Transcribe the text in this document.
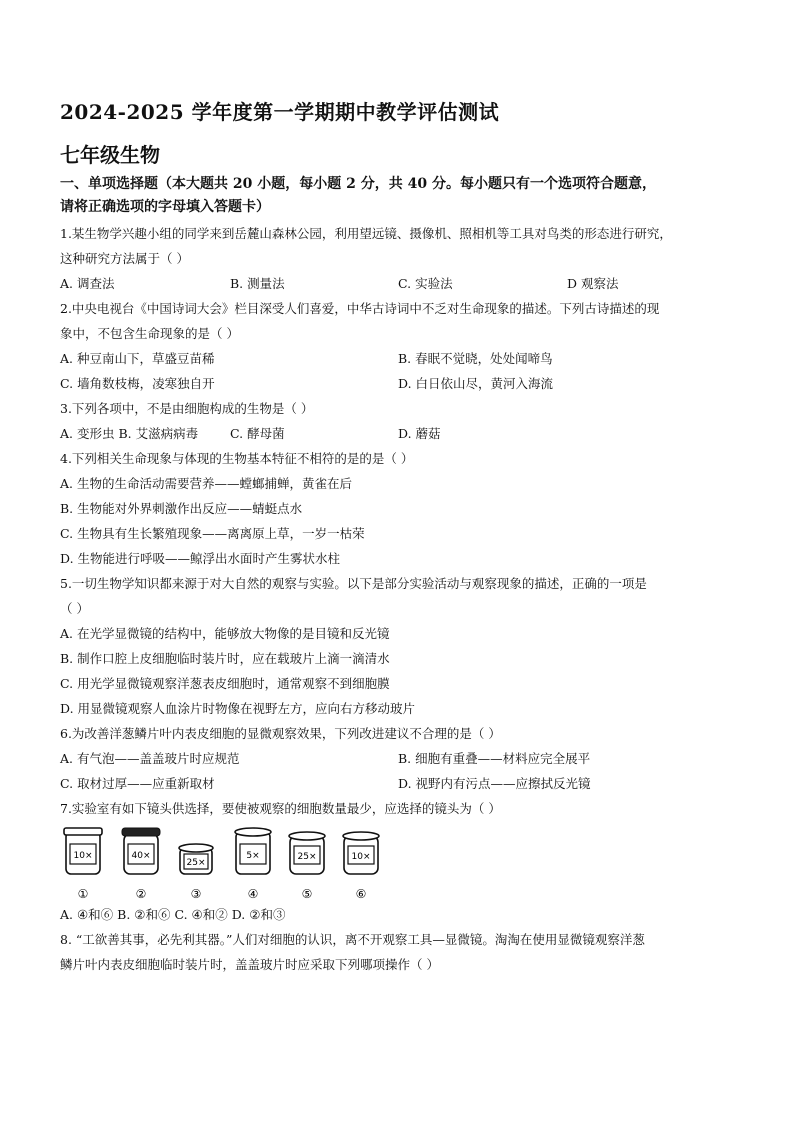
2024-2025 学年度第一学期期中教学评估测试
七年级生物
一、单项选择题（本大题共 20 小题，每小题 2 分，共 40 分。每小题只有一个选项符合题意，
请将正确选项的字母填入答题卡）
1.某生物学兴趣小组的同学来到岳麓山森林公园，利用望远镜、摄像机、照相机等工具对鸟类的形态进行研究，
这种研究方法属于（ ）
A. 调查法	B. 测量法	C. 实验法	D 观察法
2.中央电视台《中国诗词大会》栏目深受人们喜爱，中华古诗词中不乏对生命现象的描述。下列古诗描述的现
象中，不包含生命现象的是（ ）
A. 种豆南山下，草盛豆苗稀	B. 春眠不觉晓，处处闻啼鸟
C. 墙角数枝梅，凌寒独自开	D. 白日依山尽，黄河入海流
3.下列各项中，不是由细胞构成的生物是（ ）
A. 变形虫 B. 艾滋病病毒	C. 酵母菌	D. 蘑菇
4.下列相关生命现象与体现的生物基本特征不相符的是的是（ ）
A. 生物的生命活动需要营养——螳螂捕蝉，黄雀在后
B. 生物能对外界刺激作出反应——蜻蜓点水
C. 生物具有生长繁殖现象——离离原上草，一岁一枯荣
D. 生物能进行呼吸——鲸浮出水面时产生雾状水柱
5.一切生物学知识都来源于对大自然的观察与实验。以下是部分实验活动与观察现象的描述，正确的一项是
（ ）
A. 在光学显微镜的结构中，能够放大物像的是目镜和反光镜
B. 制作口腔上皮细胞临时装片时，应在载玻片上滴一滴清水
C. 用光学显微镜观察洋葱表皮细胞时，通常观察不到细胞膜
D. 用显微镜观察人血涂片时物像在视野左方，应向右方移动玻片
6.为改善洋葱鳞片叶内表皮细胞的显微观察效果，下列改进建议不合理的是（ ）
A. 有气泡——盖盖玻片时应规范	B. 细胞有重叠——材料应完全展平
C. 取材过厚——应重新取材	D. 视野内有污点——应擦拭反光镜
7.实验室有如下镜头供选择，要使被观察的细胞数量最少，应选择的镜头为（ ）
10×
①
40×
②
25×
③
5×
④
25×
⑤
10×
⑥
A. ④和⑥ B. ②和⑥ C. ④和② D. ②和③
8. “工欲善其事，必先利其器。”人们对细胞的认识，离不开观察工具—显微镜。淘淘在使用显微镜观察洋葱
鳞片叶内表皮细胞临时装片时，盖盖玻片时应采取下列哪项操作（ ）
